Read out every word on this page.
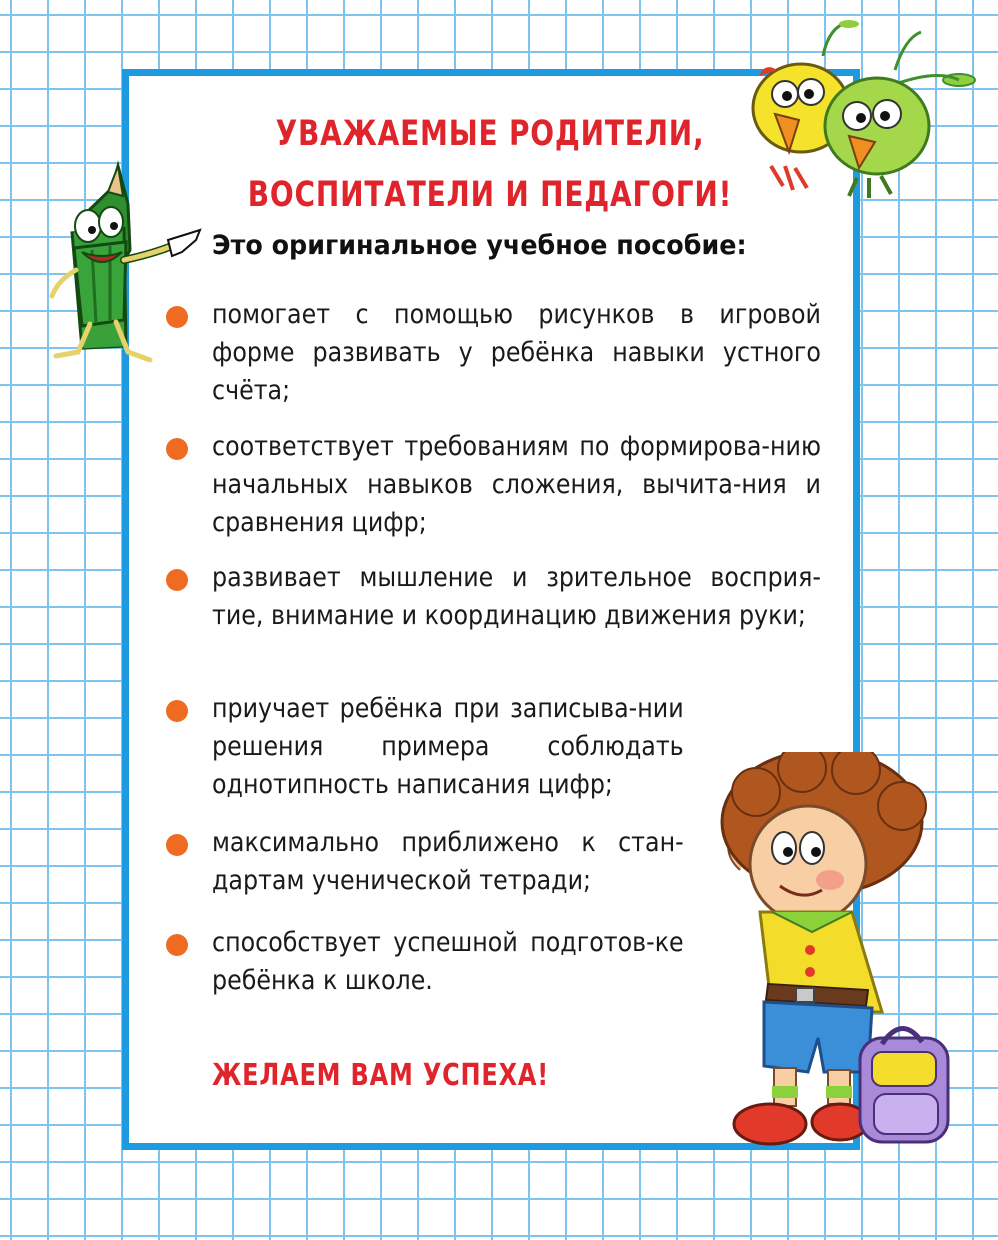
УВАЖАЕМЫЕ РОДИТЕЛИ,
ВОСПИТАТЕЛИ И ПЕДАГОГИ!

Это оригинальное учебное пособие:

помогает с помощью рисунков в игровой форме развивать у ребёнка навыки устного счёта;

соответствует требованиям по формирова-нию начальных навыков сложения, вычита-ния и сравнения цифр;

развивает мышление и зрительное восприя-тие, внимание и координацию движения руки;

приучает ребёнка при записыва-нии решения примера соблюдать однотипность написания цифр;

максимально приближено к стан-дартам ученической тетради;

способствует успешной подготов-ке ребёнка к школе.

ЖЕЛАЕМ ВАМ УСПЕХА!
